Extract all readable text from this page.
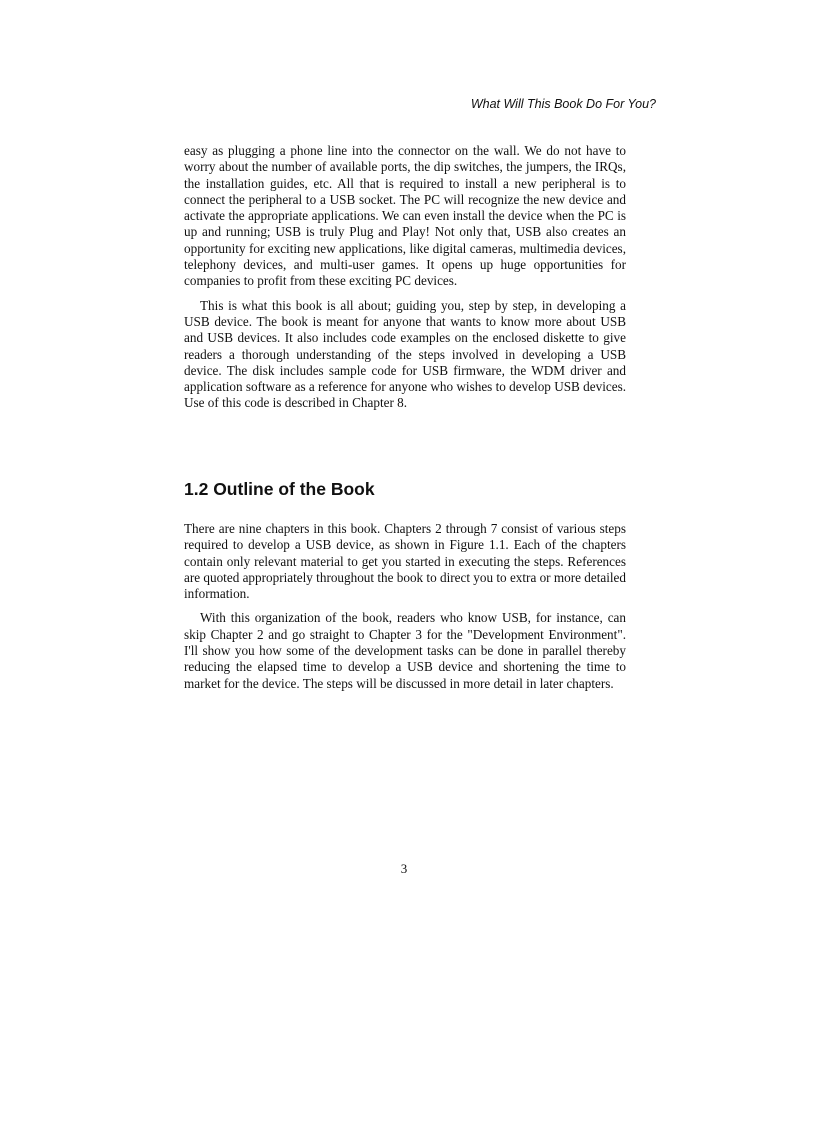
What Will This Book Do For You?

easy as plugging a phone line into the connector on the wall. We do not have to worry about the number of available ports, the dip switches, the jumpers, the IRQs, the installation guides, etc. All that is required to install a new peripheral is to connect the peripheral to a USB socket. The PC will recognize the new device and activate the appropriate applications. We can even install the device when the PC is up and running; USB is truly Plug and Play! Not only that, USB also creates an opportunity for exciting new applications, like digital cameras, multimedia devices, telephony devices, and multi-user games. It opens up huge opportunities for companies to profit from these exciting PC devices.

This is what this book is all about; guiding you, step by step, in developing a USB device. The book is meant for anyone that wants to know more about USB and USB devices. It also includes code examples on the enclosed diskette to give readers a thorough understanding of the steps involved in developing a USB device. The disk includes sample code for USB firmware, the WDM driver and application software as a reference for anyone who wishes to develop USB devices. Use of this code is described in Chapter 8.

1.2 Outline of the Book

There are nine chapters in this book. Chapters 2 through 7 consist of various steps required to develop a USB device, as shown in Figure 1.1. Each of the chapters contain only relevant material to get you started in executing the steps. References are quoted appropriately throughout the book to direct you to extra or more detailed information.

With this organization of the book, readers who know USB, for instance, can skip Chapter 2 and go straight to Chapter 3 for the "Development Environment". I'll show you how some of the development tasks can be done in parallel thereby reducing the elapsed time to develop a USB device and shortening the time to market for the device. The steps will be discussed in more detail in later chapters.

3
